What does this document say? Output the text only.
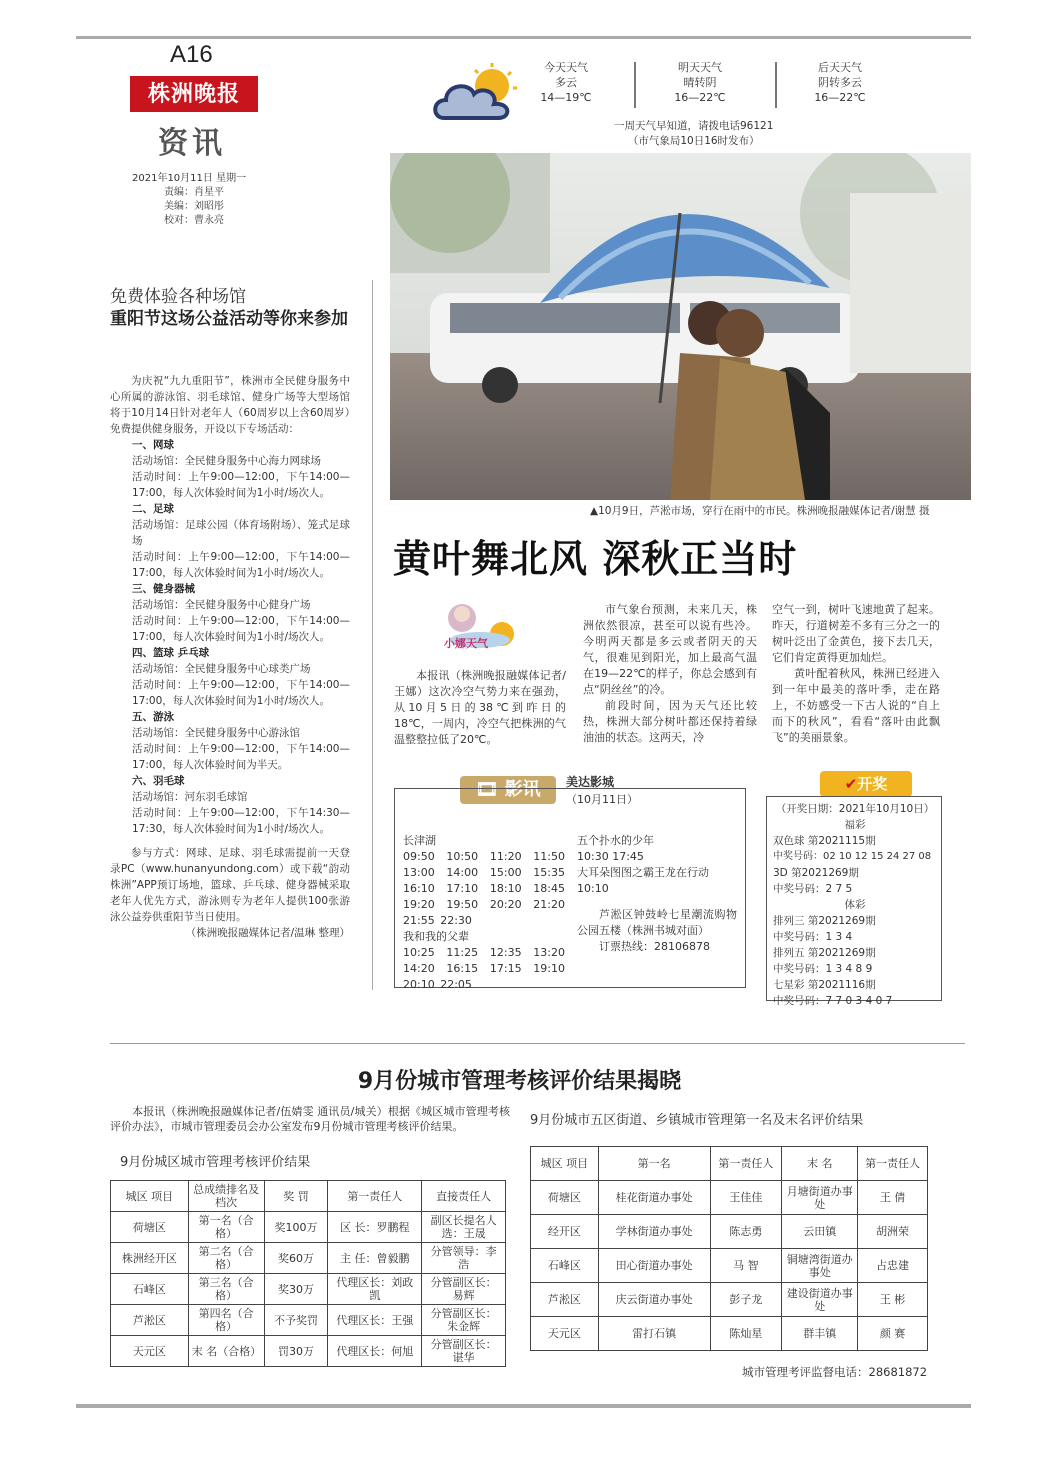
A16
株洲晚报
资讯
2021年10月11日 星期一
责编：肖星平
美编：刘昭彤
校对：曹永亮
今天天气
多云
14—19℃
明天天气
晴转阴
16—22℃
后天天气
阴转多云
16—22℃
一周天气早知道，请拨电话96121
（市气象局10日16时发布）
▲10月9日，芦淞市场，穿行在雨中的市民。株洲晚报融媒体记者/谢慧 摄
黄叶舞北风 深秋正当时
小娜天气
本报讯（株洲晚报融媒体记者/王娜）这次冷空气势力来在强劲，从10月5日的38℃到昨日的18℃，一周内，冷空气把株洲的气温整整拉低了20℃。

市气象台预测，未来几天，株洲依然很凉，甚至可以说有些冷。今明两天都是多云或者阴天的天气，很难见到阳光，加上最高气温在19—22℃的样子，你总会感到有点“阴丝丝”的冷。

前段时间，因为天气还比较热，株洲大部分树叶都还保持着绿油油的状态。这两天，冷

空气一到，树叶飞速地黄了起来。昨天，行道树差不多有三分之一的树叶泛出了金黄色，接下去几天，它们肯定黄得更加灿烂。

黄叶配着秋风，株洲已经进入到一年中最美的落叶季，走在路上，不妨感受一下古人说的“自上而下的秋风”，看看“落叶由此飘飞”的美丽景象。

免费体验各种场馆
重阳节这场公益活动等你来参加

为庆祝“九九重阳节”，株洲市全民健身服务中心所属的游泳馆、羽毛球馆、健身广场等大型场馆将于10月14日针对老年人（60周岁以上含60周岁）免费提供健身服务，开设以下专场活动：

一、网球
活动场馆：全民健身服务中心海力网球场
活动时间：上午9:00—12:00，下午14:00—17:00，每人次体验时间为1小时/场次人。
二、足球
活动场馆：足球公园（体育场附场）、笼式足球场
活动时间：上午9:00—12:00，下午14:00—17:00，每人次体验时间为1小时/场次人。
三、健身器械
活动场馆：全民健身服务中心健身广场
活动时间：上午9:00—12:00，下午14:00—17:00，每人次体验时间为1小时/场次人。
四、篮球 乒乓球
活动场馆：全民健身服务中心球类广场
活动时间：上午9:00—12:00，下午14:00—17:00，每人次体验时间为1小时/场次人。
五、游泳
活动场馆：全民健身服务中心游泳馆
活动时间：上午9:00—12:00，下午14:00—17:00，每人次体验时间为半天。
六、羽毛球
活动场馆：河东羽毛球馆
活动时间：上午9:00—12:00，下午14:30—17:30，每人次体验时间为1小时/场次人。

参与方式：网球、足球、羽毛球需提前一天登录PC（www.hunanyundong.com）或下载“韵动株洲”APP预订场地，篮球、乒乓球、健身器械采取老年人优先方式，游泳则专为老年人提供100张游泳公益券供重阳节当日使用。

（株洲晚报融媒体记者/温琳 整理）

🎞 影讯	美达影城
（10月11日）
长津湖
09:50 10:50 11:20 11:50 13:00 14:00 15:00 15:35 16:10 17:10 18:10 18:45 19:20 19:50 20:20 21:20 21:55 22:30
我和我的父辈
10:25 11:25 12:35 13:20 14:20 16:15 17:15 19:10 20:10 22:05
五个扑水的少年
10:30 17:45
大耳朵图图之霸王龙在行动
10:10
芦淞区钟鼓岭七星潮流购物公园五楼（株洲书城对面）
订票热线：28106878
✔开奖
（开奖日期：2021年10月10日）
福彩
双色球 第2021115期
中奖号码：02 10 12 15 24 27 08
3D 第2021269期
中奖号码：2 7 5
体彩
排列三 第2021269期
中奖号码：1 3 4
排列五 第2021269期
中奖号码：1 3 4 8 9
七星彩 第2021116期
中奖号码：7 7 0 3 4 0 7
9月份城市管理考核评价结果揭晓
本报讯（株洲晚报融媒体记者/伍婧雯 通讯员/城关）根据《城区城市管理考核评价办法》，市城市管理委员会办公室发布9月份城市管理考核评价结果。
9月份城区城市管理考核评价结果
城区 项目	总成绩排名及档次	奖 罚	第一责任人	直接责任人
荷塘区	第一名（合格）	奖100万	区 长：罗鹏程	副区长提名人选：王晟
株洲经开区	第二名（合格）	奖60万	主 任：曾毅鹏	分管领导：李浩
石峰区	第三名（合格）	奖30万	代理区长：刘政凯	分管副区长：易辉
芦淞区	第四名（合格）	不予奖罚	代理区长：王强	分管副区长：朱金辉
天元区	末 名（合格）	罚30万	代理区长：何旭	分管副区长：谌华
9月份城市五区街道、乡镇城市管理第一名及末名评价结果
城区 项目	第一名	第一责任人	末 名	第一责任人
荷塘区	桂花街道办事处	王佳佳	月塘街道办事处	王 倩
经开区	学林街道办事处	陈志勇	云田镇	胡洲荣
石峰区	田心街道办事处	马 智	铜塘湾街道办事处	占忠建
芦淞区	庆云街道办事处	彭子龙	建设街道办事处	王 彬
天元区	雷打石镇	陈灿星	群丰镇	颜 赛
城市管理考评监督电话：28681872
